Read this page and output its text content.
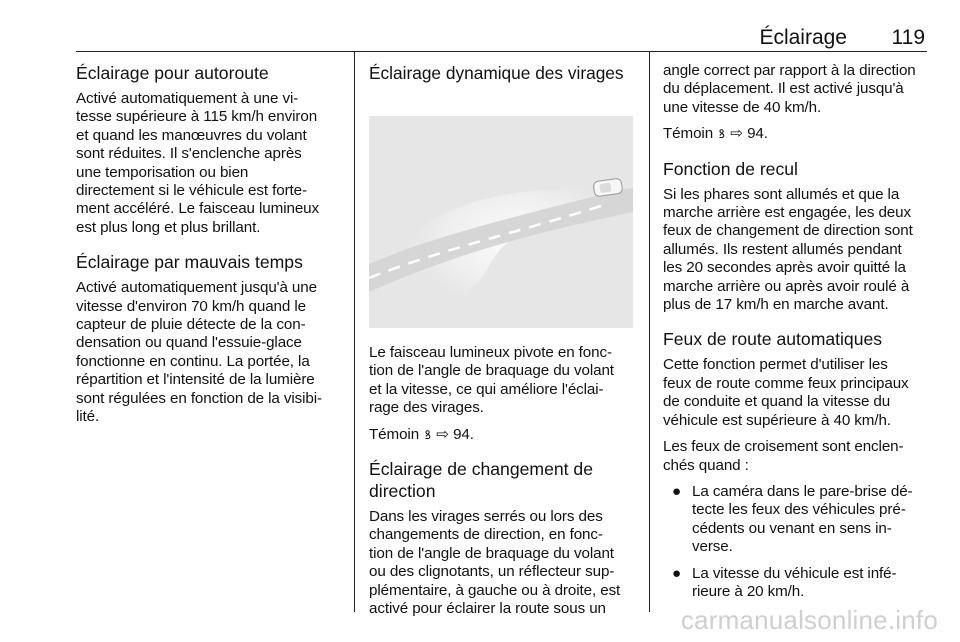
Éclairage 119
Éclairage pour autoroute

Activé automatiquement à une vi-
tesse supérieure à 115 km/h environ
et quand les manœuvres du volant
sont réduites. Il s'enclenche après
une temporisation ou bien
directement si le véhicule est forte-
ment accéléré. Le faisceau lumineux
est plus long et plus brillant.

Éclairage par mauvais temps

Activé automatiquement jusqu'à une
vitesse d'environ 70 km/h quand le
capteur de pluie détecte de la con-
densation ou quand l'essuie-glace
fonctionne en continu. La portée, la
répartition et l'intensité de la lumière
sont régulées en fonction de la visibi-
lité.

Éclairage dynamique des virages

Le faisceau lumineux pivote en fonc-
tion de l'angle de braquage du volant
et la vitesse, ce qui améliore l'éclai-
rage des virages.

Témoin ꝸ ⇨ 94.

Éclairage de changement de
direction

Dans les virages serrés ou lors des
changements de direction, en fonc-
tion de l'angle de braquage du volant
ou des clignotants, un réflecteur sup-
plémentaire, à gauche ou à droite, est
activé pour éclairer la route sous un

angle correct par rapport à la direction
du déplacement. Il est activé jusqu'à
une vitesse de 40 km/h.

Témoin ꝸ ⇨ 94.

Fonction de recul

Si les phares sont allumés et que la
marche arrière est engagée, les deux
feux de changement de direction sont
allumés. Ils restent allumés pendant
les 20 secondes après avoir quitté la
marche arrière ou après avoir roulé à
plus de 17 km/h en marche avant.

Feux de route automatiques

Cette fonction permet d'utiliser les
feux de route comme feux principaux
de conduite et quand la vitesse du
véhicule est supérieure à 40 km/h.

Les feux de croisement sont enclen-
chés quand :

● La caméra dans le pare-brise dé-
tecte les feux des véhicules pré-
cédents ou venant en sens in-
verse.
● La vitesse du véhicule est infé-
rieure à 20 km/h.
carmanualsonline.info
